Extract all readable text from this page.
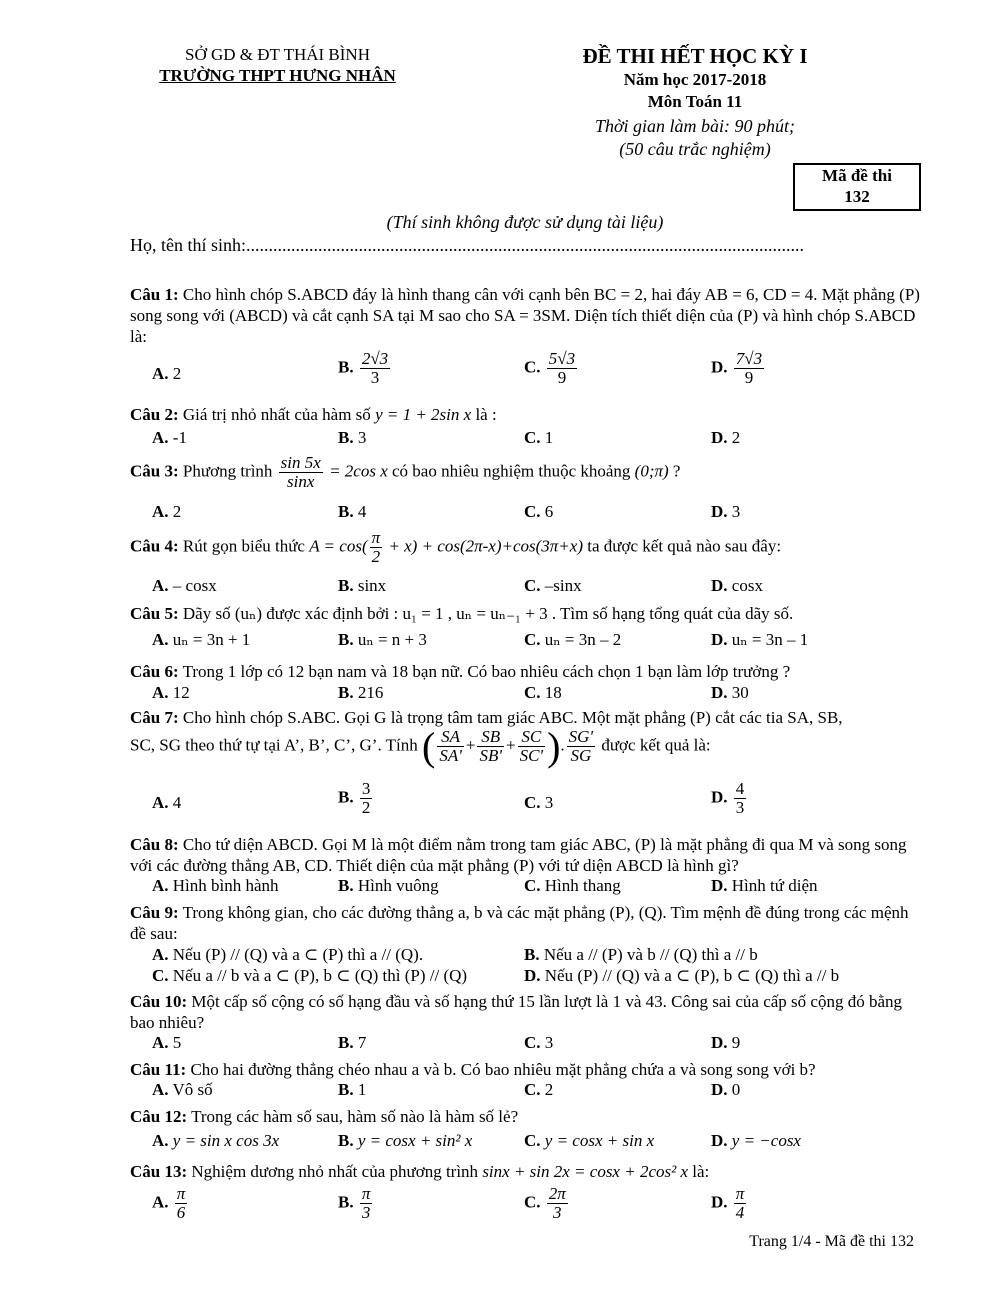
SỞ GD & ĐT THÁI BÌNH
TRƯỜNG THPT HƯNG NHÂN
ĐỀ THI HẾT HỌC KỲ I
Năm học 2017-2018
Môn Toán 11
Thời gian làm bài: 90 phút;
(50 câu trắc nghiệm)
Mã đề thi
132
(Thí sinh không được sử dụng tài liệu)
Họ, tên thí sinh:............................................................................................................................
Câu 1: Cho hình chóp S.ABCD đáy là hình thang cân với cạnh bên BC = 2, hai đáy AB = 6, CD = 4. Mặt phẳng (P) song song với (ABCD) và cắt cạnh SA tại M sao cho SA = 3SM. Diện tích thiết diện của (P) và hình chóp S.ABCD là:
A. 2	B. $\frac{2√3}{3}$	C. $\frac{5√3}{9}$	D. $\frac{7√3}{9}$
Câu 2: Giá trị nhỏ nhất của hàm số y = 1 + 2sin x là :
A. -1	B. 3	C. 1	D. 2
Câu 3: Phương trình $\frac{\sin 5x}{\sin x} = 2\cos$ x có bao nhiêu nghiệm thuộc khoảng (0;π) ?
A. 2	B. 4	C. 6	D. 3
Câu 4: Rút gọn biểu thức $A = \cos( \frac{\pi}{2} + x) + \cos(2\pi-x)+\cos(3\pi+x)$ ta được kết quả nào sau đây:
A. – cosx	B. sinx	C. –sinx	D. cosx
Câu 5: Dãy số (uₙ) được xác định bởi : u₁ = 1 , uₙ = uₙ₋₁ + 3 . Tìm số hạng tổng quát của dãy số.
A. uₙ = 3n + 1	B. uₙ = n + 3	C. uₙ = 3n – 2	D. uₙ = 3n – 1
Câu 6: Trong 1 lớp có 12 bạn nam và 18 bạn nữ. Có bao nhiêu cách chọn 1 bạn làm lớp trưởng ?
A. 12	B. 216	C. 18	D. 30
Câu 7: Cho hình chóp S.ABC. Gọi G là trọng tâm tam giác ABC. Một mặt phẳng (P) cắt các tia SA, SB,
SC, SG theo thứ tự tại A’, B’, C’, G’. Tính ( $\frac{SA}{SA'} + \frac{SB}{SB'} + \frac{SC}{SC'}$ ). $\frac{SG'}{SG}$ được kết quả là:
A. 4	B. $\frac{3}{2}$	C. 3	D. $\frac{4}{3}$
Câu 8: Cho tứ diện ABCD. Gọi M là một điểm nằm trong tam giác ABC, (P) là mặt phẳng đi qua M và song song với các đường thẳng AB, CD. Thiết diện của mặt phẳng (P) với tứ diện ABCD là hình gì?
A. Hình bình hành	B. Hình vuông	C. Hình thang	D. Hình tứ diện
Câu 9: Trong không gian, cho các đường thẳng a, b và các mặt phẳng (P), (Q). Tìm mệnh đề đúng trong các mệnh đề sau:
A. Nếu (P) // (Q) và a ⊂ (P) thì a // (Q).	B. Nếu a // (P) và b // (Q) thì a // b
C. Nếu a // b và a ⊂ (P), b ⊂ (Q) thì (P) // (Q)	D. Nếu (P) // (Q) và a ⊂ (P), b ⊂ (Q) thì a // b
Câu 10: Một cấp số cộng có số hạng đầu và số hạng thứ 15 lần lượt là 1 và 43. Công sai của cấp số cộng đó bằng bao nhiêu?
A. 5	B. 7	C. 3	D. 9
Câu 11: Cho hai đường thẳng chéo nhau a và b. Có bao nhiêu mặt phẳng chứa a và song song với b?
A. Vô số	B. 1	C. 2	D. 0
Câu 12: Trong các hàm số sau, hàm số nào là hàm số lẻ?
A. y = sin x cos 3x	B. y = cosx + sin² x	C. y = cosx + sin x	D. y = −cosx
Câu 13: Nghiệm dương nhỏ nhất của phương trình sinx + sin 2x = cosx + 2cos² x là:
A. $\frac{\pi}{6}$	B. $\frac{\pi}{3}$	C. $\frac{2\pi}{3}$	D. $\frac{\pi}{4}$
Trang 1/4 - Mã đề thi 132
